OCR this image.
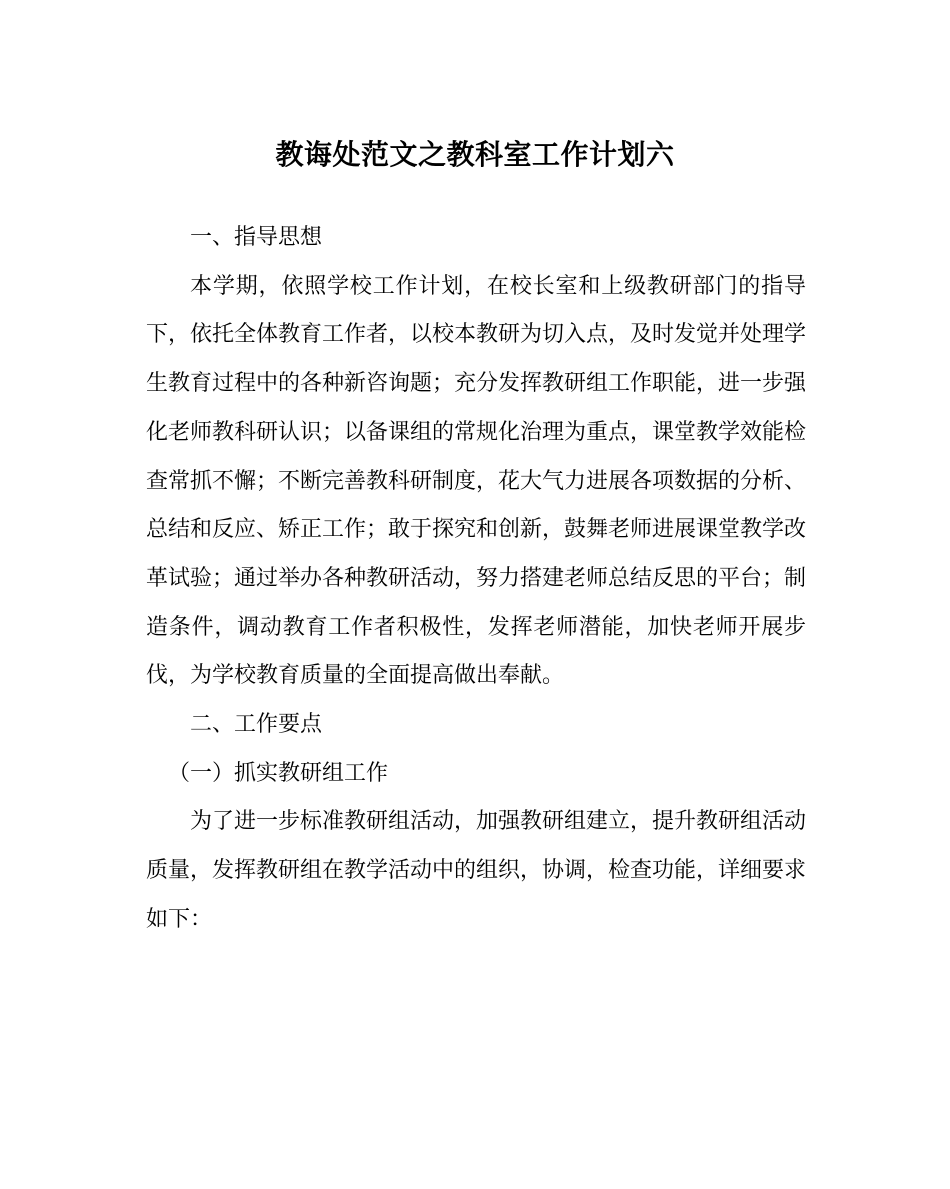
教诲处范文之教科室工作计划六

一、指导思想

本学期，依照学校工作计划，在校长室和上级教研部门的指导下，依托全体教育工作者，以校本教研为切入点，及时发觉并处理学生教育过程中的各种新咨询题；充分发挥教研组工作职能，进一步强化老师教科研认识；以备课组的常规化治理为重点，课堂教学效能检查常抓不懈；不断完善教科研制度，花大气力进展各项数据的分析、总结和反应、矫正工作；敢于探究和创新，鼓舞老师进展课堂教学改革试验；通过举办各种教研活动，努力搭建老师总结反思的平台；制造条件，调动教育工作者积极性，发挥老师潜能，加快老师开展步伐，为学校教育质量的全面提高做出奉献。

二、工作要点

（一）抓实教研组工作

为了进一步标准教研组活动，加强教研组建立，提升教研组活动质量，发挥教研组在教学活动中的组织，协调，检查功能，详细要求如下：
